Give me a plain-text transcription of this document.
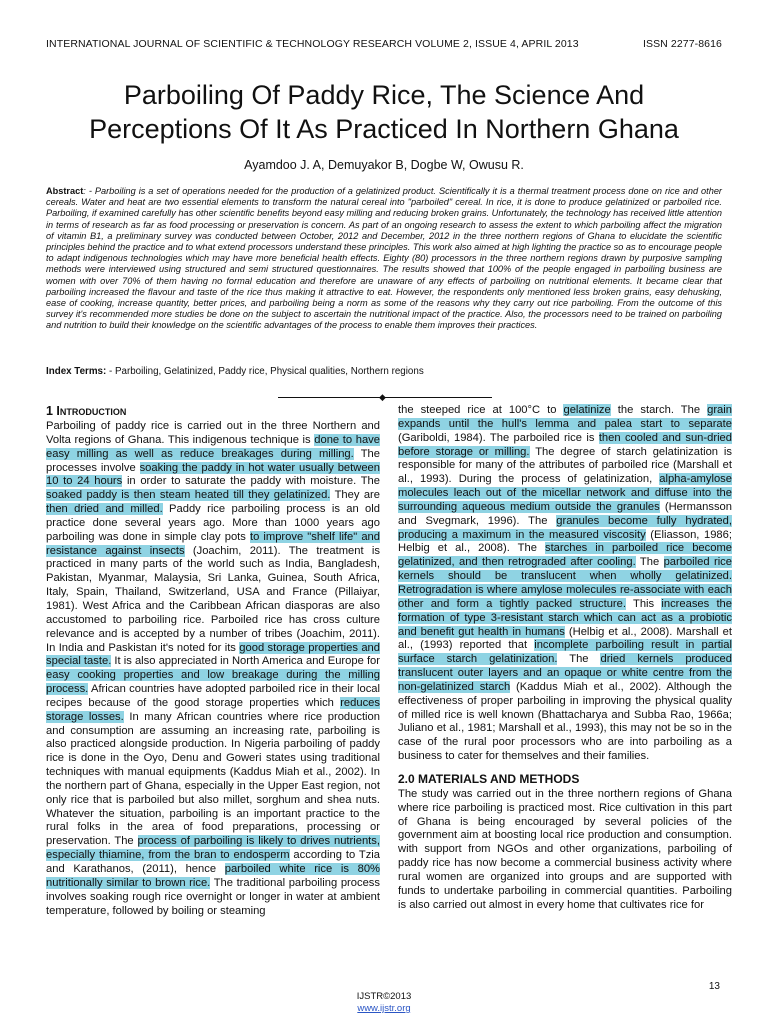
INTERNATIONAL JOURNAL OF SCIENTIFIC & TECHNOLOGY RESEARCH VOLUME 2, ISSUE 4, APRIL 2013	ISSN 2277-8616
Parboiling Of Paddy Rice, The Science And
Perceptions Of It As Practiced In Northern Ghana
Ayamdoo J. A, Demuyakor B, Dogbe W, Owusu R.
Abstract: - Parboiling is a set of operations needed for the production of a gelatinized product. Scientifically it is a thermal treatment process done on rice and other cereals. Water and heat are two essential elements to transform the natural cereal into "parboiled" cereal. In rice, it is done to produce gelatinized or parboiled rice. Parboiling, if examined carefully has other scientific benefits beyond easy milling and reducing broken grains. Unfortunately, the technology has received little attention in terms of research as far as food processing or preservation is concern. As part of an ongoing research to assess the extent to which parboiling affect the migration of vitamin B1, a preliminary survey was conducted between October, 2012 and December, 2012 in the three northern regions of Ghana to elucidate the scientific principles behind the practice and to what extend processors understand these principles. This work also aimed at high lighting the practice so as to encourage people to adapt indigenous technologies which may have more beneficial health effects. Eighty (80) processors in the three northern regions drawn by purposive sampling methods were interviewed using structured and semi structured questionnaires. The results showed that 100% of the people engaged in parboiling business are women with over 70% of them having no formal education and therefore are unaware of any effects of parboiling on nutritional elements. It became clear that parboiling increased the flavour and taste of the rice thus making it attractive to eat. However, the respondents only mentioned less broken grains, easy dehusking, ease of cooking, increase quantity, better prices, and parboiling being a norm as some of the reasons why they carry out rice parboiling. From the outcome of this survey it's recommended more studies be done on the subject to ascertain the nutritional impact of the practice. Also, the processors need to be trained on parboiling and nutrition to build their knowledge on the scientific advantages of the process to enable them improves their practices.
Index Terms: - Parboiling, Gelatinized, Paddy rice, Physical qualities, Northern regions
◆
1 Introduction

Parboiling of paddy rice is carried out in the three Northern and Volta regions of Ghana. This indigenous technique is done to have easy milling as well as reduce breakages during milling. The processes involve soaking the paddy in hot water usually between 10 to 24 hours in order to saturate the paddy with moisture. The soaked paddy is then steam heated till they gelatinized. They are then dried and milled. Paddy rice parboiling process is an old practice done several years ago. More than 1000 years ago parboiling was done in simple clay pots to improve "shelf life" and resistance against insects (Joachim, 2011). The treatment is practiced in many parts of the world such as India, Bangladesh, Pakistan, Myanmar, Malaysia, Sri Lanka, Guinea, South Africa, Italy, Spain, Thailand, Switzerland, USA and France (Pillaiyar, 1981). West Africa and the Caribbean African diasporas are also accustomed to parboiling rice. Parboiled rice has cross culture relevance and is accepted by a number of tribes (Joachim, 2011). In India and Paskistan it's noted for its good storage properties and special taste. It is also appreciated in North America and Europe for easy cooking properties and low breakage during the milling process. African countries have adopted parboiled rice in their local recipes because of the good storage properties which reduces storage losses. In many African countries where rice production and consumption are assuming an increasing rate, parboiling is also practiced alongside production. In Nigeria parboiling of paddy rice is done in the Oyo, Denu and Goweri states using traditional techniques with manual equipments (Kaddus Miah et al., 2002). In the northern part of Ghana, especially in the Upper East region, not only rice that is parboiled but also millet, sorghum and shea nuts. Whatever the situation, parboiling is an important practice to the rural folks in the area of food preparations, processing or preservation. The process of parboiling is likely to drives nutrients, especially thiamine, from the bran to endosperm according to Tzia and Karathanos, (2011), hence parboiled white rice is 80% nutritionally similar to brown rice. The traditional parboiling process involves soaking rough rice overnight or longer in water at ambient temperature, followed by boiling or steaming

the steeped rice at 100°C to gelatinize the starch. The grain expands until the hull's lemma and palea start to separate (Gariboldi, 1984). The parboiled rice is then cooled and sun-dried before storage or milling. The degree of starch gelatinization is responsible for many of the attributes of parboiled rice (Marshall et al., 1993). During the process of gelatinization, alpha-amylose molecules leach out of the micellar network and diffuse into the surrounding aqueous medium outside the granules (Hermansson and Svegmark, 1996). The granules become fully hydrated, producing a maximum in the measured viscosity (Eliasson, 1986; Helbig et al., 2008). The starches in parboiled rice become gelatinized, and then retrograded after cooling. The parboiled rice kernels should be translucent when wholly gelatinized. Retrogradation is where amylose molecules re-associate with each other and form a tightly packed structure. This increases the formation of type 3-resistant starch which can act as a probiotic and benefit gut health in humans (Helbig et al., 2008). Marshall et al., (1993) reported that incomplete parboiling result in partial surface starch gelatinization. The dried kernels produced translucent outer layers and an opaque or white centre from the non-gelatinized starch (Kaddus Miah et al., 2002). Although the effectiveness of proper parboiling in improving the physical quality of milled rice is well known (Bhattacharya and Subba Rao, 1966a; Juliano et al., 1981; Marshall et al., 1993), this may not be so in the case of the rural poor processors who are into parboiling as a business to cater for themselves and their families.

2.0 MATERIALS AND METHODS

The study was carried out in the three northern regions of Ghana where rice parboiling is practiced most. Rice cultivation in this part of Ghana is being encouraged by several policies of the government aim at boosting local rice production and consumption. with support from NGOs and other organizations, parboiling of paddy rice has now become a commercial business activity where rural women are organized into groups and are supported with funds to undertake parboiling in commercial quantities. Parboiling is also carried out almost in every home that cultivates rice for

13
IJSTR©2013
www.ijstr.org
